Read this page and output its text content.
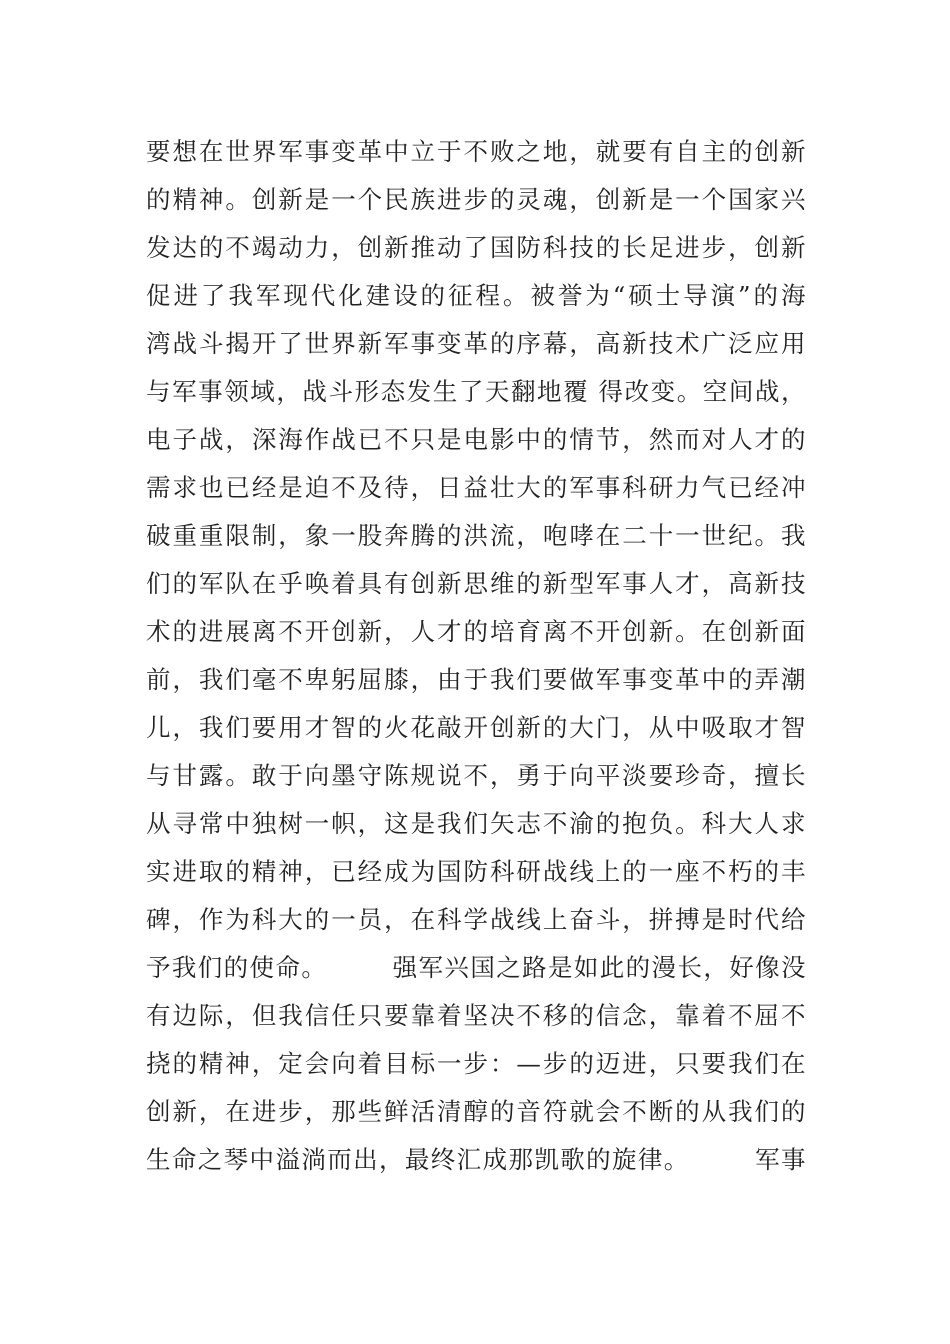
要想在世界军事变革中立于不败之地，就要有自主的创新
的精神。创新是一个民族进步的灵魂，创新是一个国家兴
发达的不竭动力，创新推动了国防科技的长足进步，创新
促进了我军现代化建设的征程。被誉为“硕士导演”的海
湾战斗揭开了世界新军事变革的序幕，高新技术广泛应用
与军事领域，战斗形态发生了天翻地覆 得改变。空间战，
电子战，深海作战已不只是电影中的情节，然而对人才的
需求也已经是迫不及待，日益壮大的军事科研力气已经冲
破重重限制，象一股奔腾的洪流，咆哮在二十一世纪。我
们的军队在乎唤着具有创新思维的新型军事人才，高新技
术的进展离不开创新，人才的培育离不开创新。在创新面
前，我们毫不卑躬屈膝，由于我们要做军事变革中的弄潮
儿，我们要用才智的火花敲开创新的大门，从中吸取才智
与甘露。敢于向墨守陈规说不，勇于向平淡要珍奇，擅长
从寻常中独树一帜，这是我们矢志不渝的抱负。科大人求
实进取的精神，已经成为国防科研战线上的一座不朽的丰
碑，作为科大的一员，在科学战线上奋斗，拼搏是时代给
予我们的使命。　　　强军兴国之路是如此的漫长，好像没
有边际，但我信任只要靠着坚决不移的信念，靠着不屈不
挠的精神，定会向着目标一步：—步的迈进，只要我们在
创新，在进步，那些鲜活清醇的音符就会不断的从我们的
生命之琴中溢淌而出，最终汇成那凯歌的旋律。　　　军事
